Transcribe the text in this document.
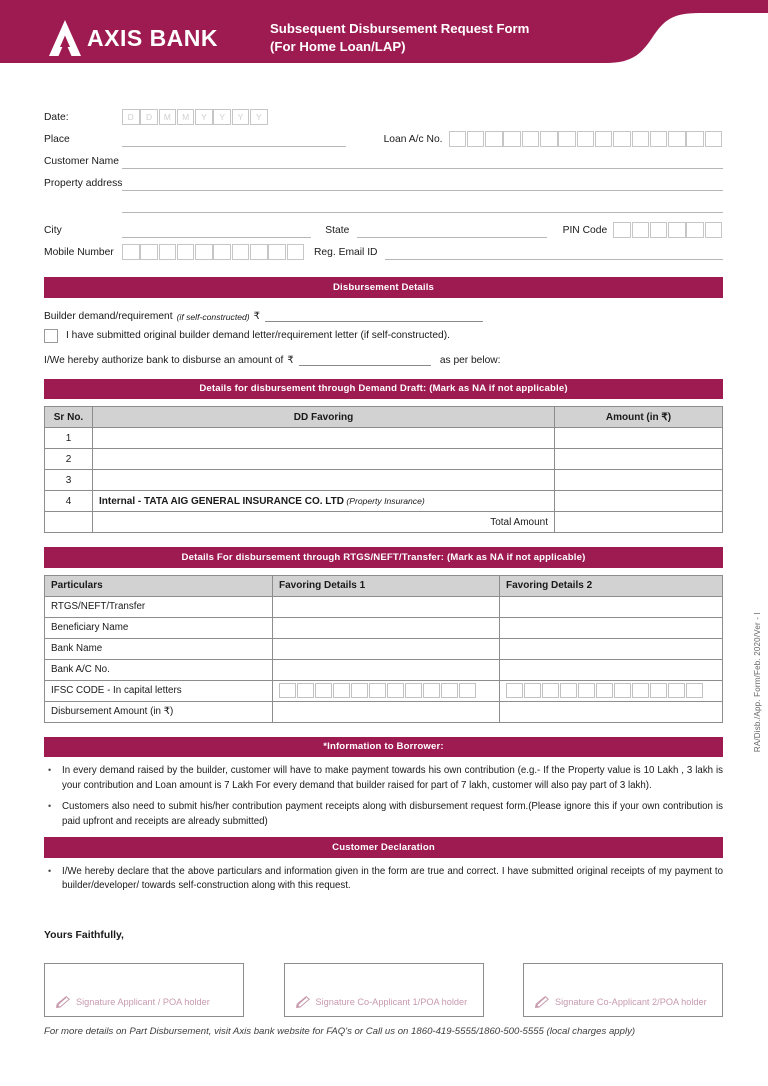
AXIS BANK	Subsequent Disbursement Request Form
(For Home Loan/LAP)
Date:	D	D	M	M	Y	Y	Y	Y
Place	Loan A/c No.
Customer Name
Property address
City	State	PIN Code
Mobile Number	Reg. Email ID
Disbursement Details
Builder demand/requirement (if self-constructed) ₹
I have submitted original builder demand letter/requirement letter (if self-constructed).
I/We hereby authorize bank to disburse an amount of ₹	as per below:
Details for disbursement through Demand Draft: (Mark as NA if not applicable)
Sr No.	DD Favoring	Amount (in ₹)
1		
2		
3		
4	Internal - TATA AIG GENERAL INSURANCE CO. LTD (Property Insurance)	
	Total Amount	
Details For disbursement through RTGS/NEFT/Transfer: (Mark as NA if not applicable)
Particulars	Favoring Details 1	Favoring Details 2
RTGS/NEFT/Transfer		
Beneficiary Name		
Bank Name		
Bank A/C No.		
IFSC CODE - In capital letters	

Disbursement Amount (in ₹)		
*Information to Borrower:
•	In every demand raised by the builder, customer will have to make payment towards his own contribution (e.g.- If the Property value is 10 Lakh , 3 lakh is your contribution and Loan amount is 7 Lakh For every demand that builder raised for part of 7 lakh, customer will also pay part of 3 lakh).
•	Customers also need to submit his/her contribution payment receipts along with disbursement request form.(Please ignore this if your own contribution is paid upfront and receipts are already submitted)
Customer Declaration
•	I/We hereby declare that the above particulars and information given in the form are true and correct. I have submitted original receipts of my payment to builder/developer/ towards self-construction along with this request.
Yours Faithfully,
Signature Applicant / POA holder	Signature Co-Applicant 1/POA holder	Signature Co-Applicant 2/POA holder
For more details on Part Disbursement, visit Axis bank website for FAQ's or Call us on 1860-419-5555/1860-500-5555 (local charges apply)
RA/Disb./App. Form/Feb. 2020/Ver - I
